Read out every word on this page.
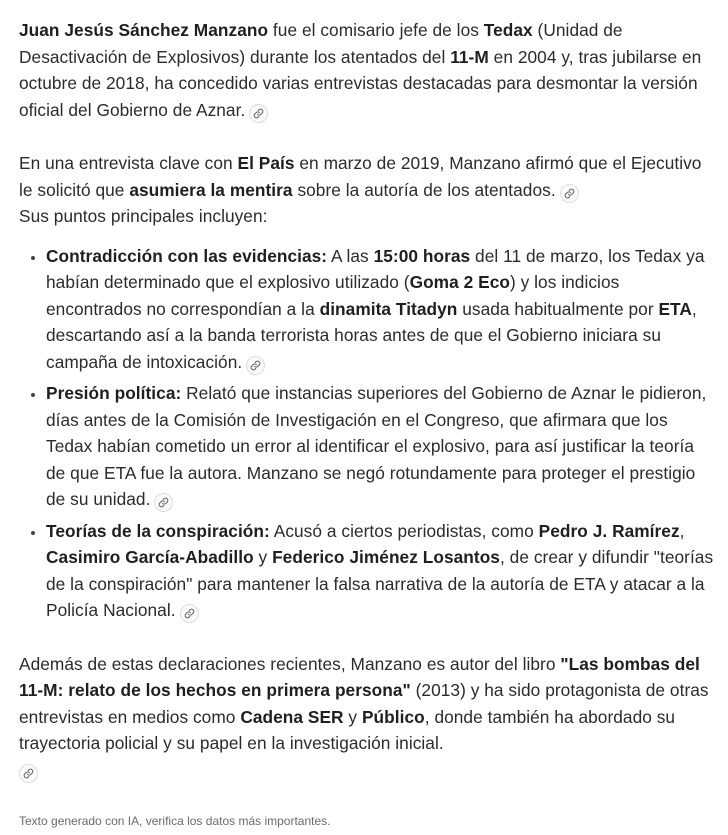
Juan Jesús Sánchez Manzano fue el comisario jefe de los Tedax (Unidad de Desactivación de Explosivos) durante los atentados del 11-M en 2004 y, tras jubilarse en octubre de 2018, ha concedido varias entrevistas destacadas para desmontar la versión oficial del Gobierno de Aznar.

En una entrevista clave con El País en marzo de 2019, Manzano afirmó que el Ejecutivo le solicitó que asumiera la mentira sobre la autoría de los atentados.

Sus puntos principales incluyen:

• Contradicción con las evidencias: A las 15:00 horas del 11 de marzo, los Tedax ya habían determinado que el explosivo utilizado (Goma 2 Eco) y los indicios encontrados no correspondían a la dinamita Titadyn usada habitualmente por ETA, descartando así a la banda terrorista horas antes de que el Gobierno iniciara su campaña de intoxicación.
• Presión política: Relató que instancias superiores del Gobierno de Aznar le pidieron, días antes de la Comisión de Investigación en el Congreso, que afirmara que los Tedax habían cometido un error al identificar el explosivo, para así justificar la teoría de que ETA fue la autora. Manzano se negó rotundamente para proteger el prestigio de su unidad.
• Teorías de la conspiración: Acusó a ciertos periodistas, como Pedro J. Ramírez, Casimiro García-Abadillo y Federico Jiménez Losantos, de crear y difundir "teorías de la conspiración" para mantener la falsa narrativa de la autoría de ETA y atacar a la Policía Nacional.

Además de estas declaraciones recientes, Manzano es autor del libro "Las bombas del 11-M: relato de los hechos en primera persona" (2013) y ha sido protagonista de otras entrevistas en medios como Cadena SER y Público, donde también ha abordado su trayectoria policial y su papel en la investigación inicial.

Texto generado con IA, verifica los datos más importantes.
